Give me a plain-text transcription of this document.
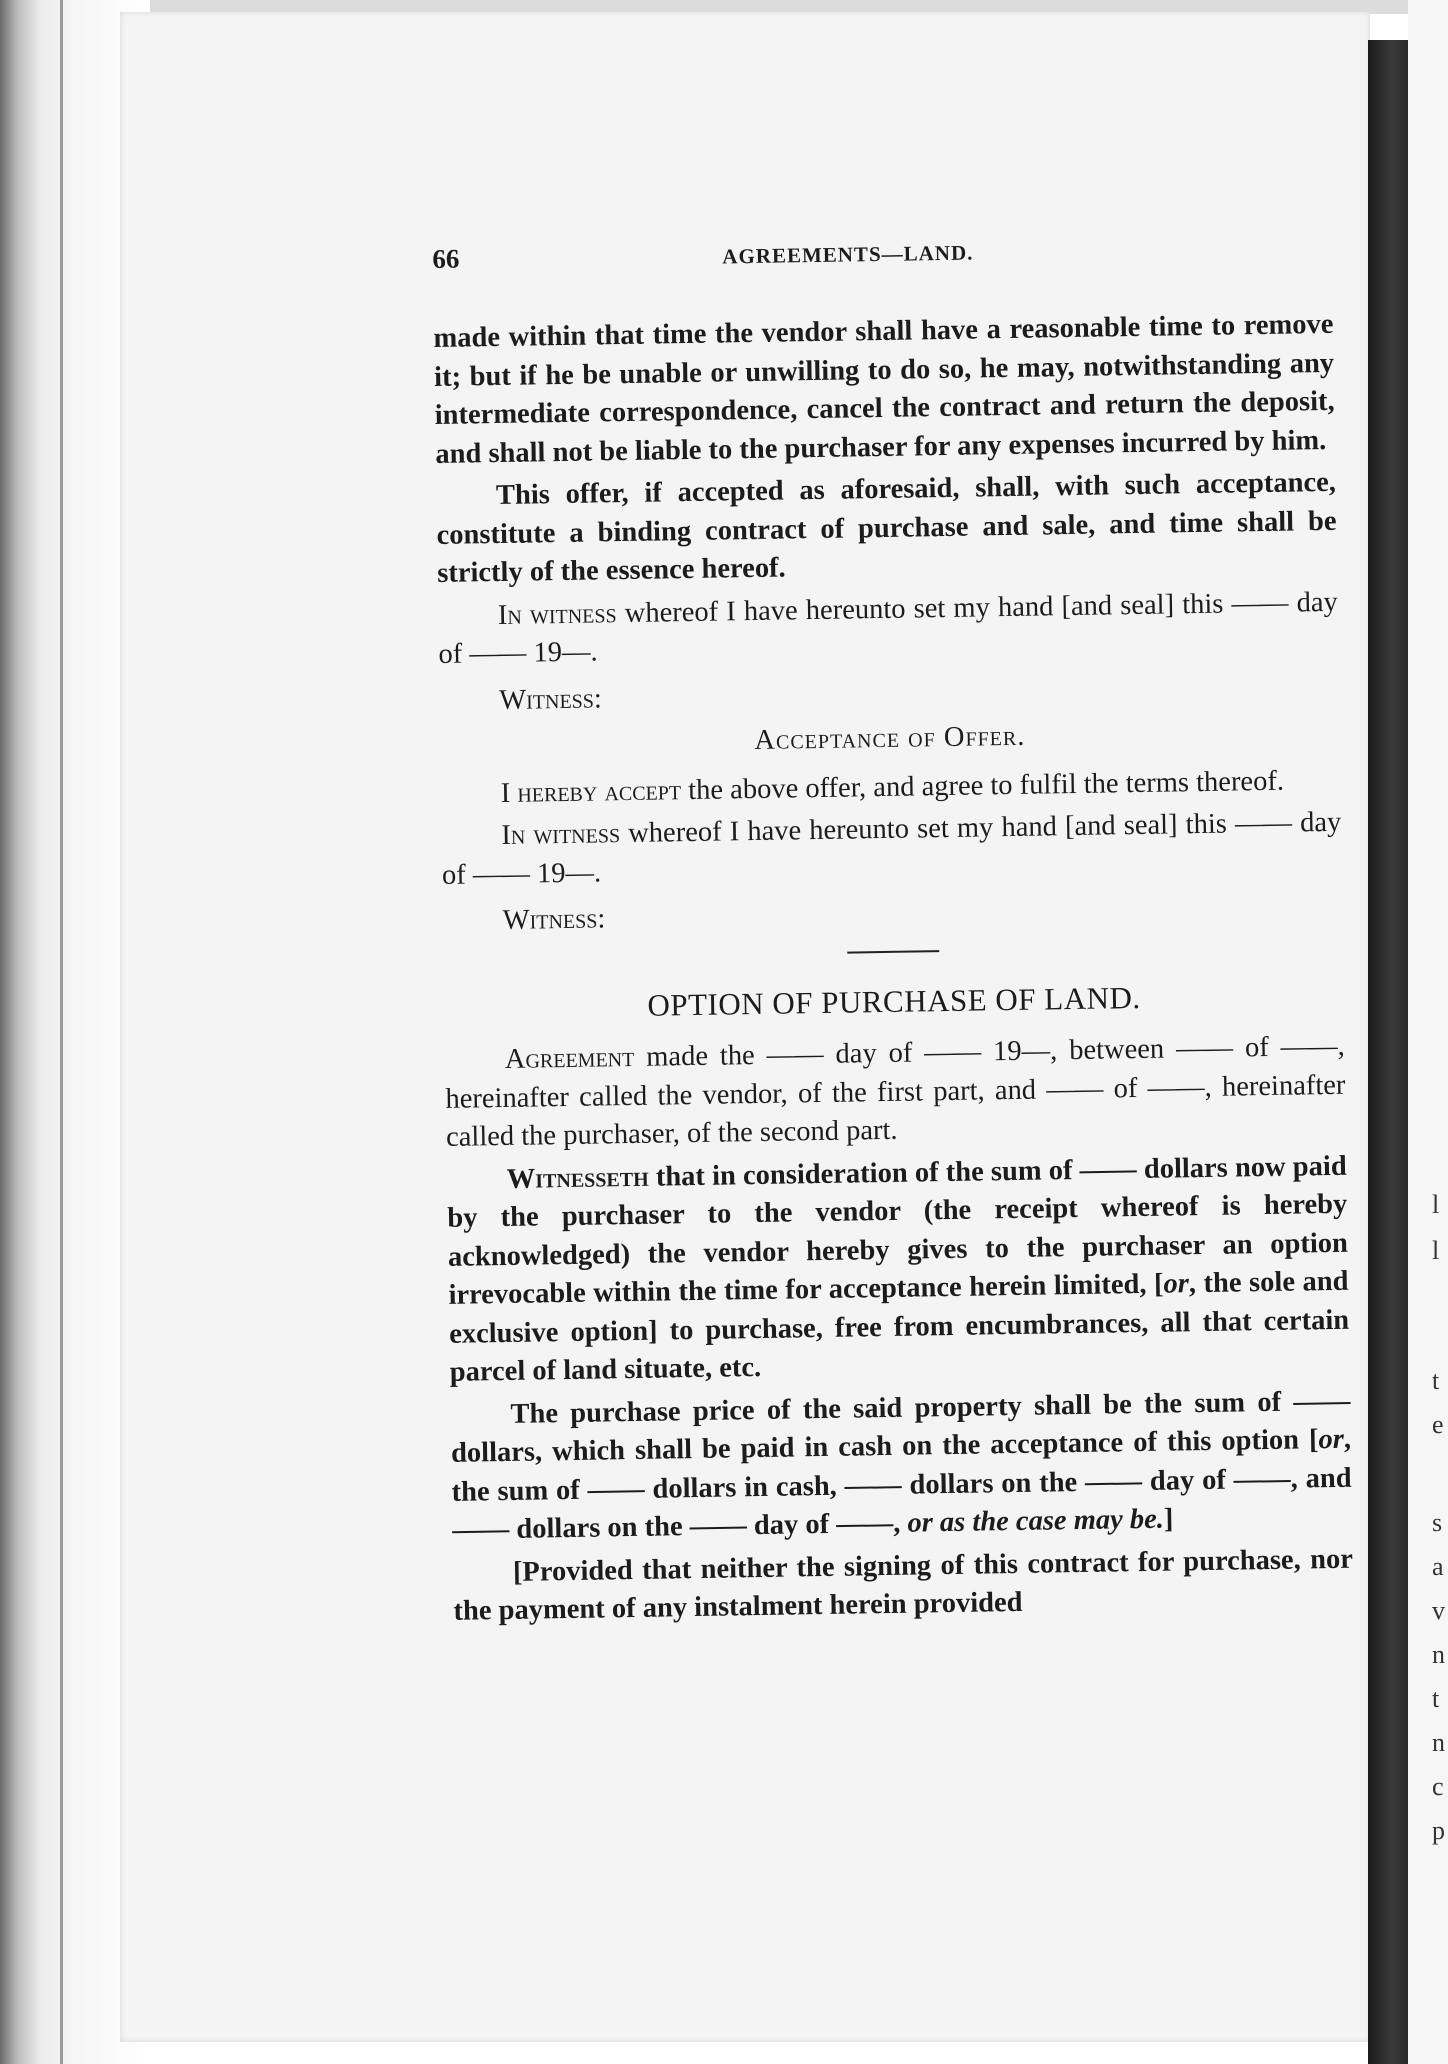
l
l
t
e
s
a
v
n
t
n
c
p
66	AGREEMENTS—LAND.

made within that time the vendor shall have a reasonable time to remove it; but if he be unable or unwilling to do so, he may, notwithstanding any intermediate correspondence, cancel the contract and return the deposit, and shall not be liable to the purchaser for any expenses incurred by him.

This offer, if accepted as aforesaid, shall, with such acceptance, constitute a binding contract of purchase and sale, and time shall be strictly of the essence hereof.

In witness whereof I have hereunto set my hand [and seal] this —— day of —— 19—.

Witness:

Acceptance of Offer.

I hereby accept the above offer, and agree to fulfil the terms thereof.

In witness whereof I have hereunto set my hand [and seal] this —— day of —— 19—.

Witness:

OPTION OF PURCHASE OF LAND.

Agreement made the —— day of —— 19—, between —— of ——, hereinafter called the vendor, of the first part, and —— of ——, hereinafter called the purchaser, of the second part.

Witnesseth that in consideration of the sum of —— dollars now paid by the purchaser to the vendor (the receipt whereof is hereby acknowledged) the vendor hereby gives to the purchaser an option irrevocable within the time for acceptance herein limited, [or, the sole and exclusive option] to purchase, free from encumbrances, all that certain parcel of land situate, etc.

The purchase price of the said property shall be the sum of —— dollars, which shall be paid in cash on the acceptance of this option [or, the sum of —— dollars in cash, —— dollars on the —— day of ——, and —— dollars on the —— day of ——, or as the case may be.]

[Provided that neither the signing of this contract for purchase, nor the payment of any instalment herein provided
